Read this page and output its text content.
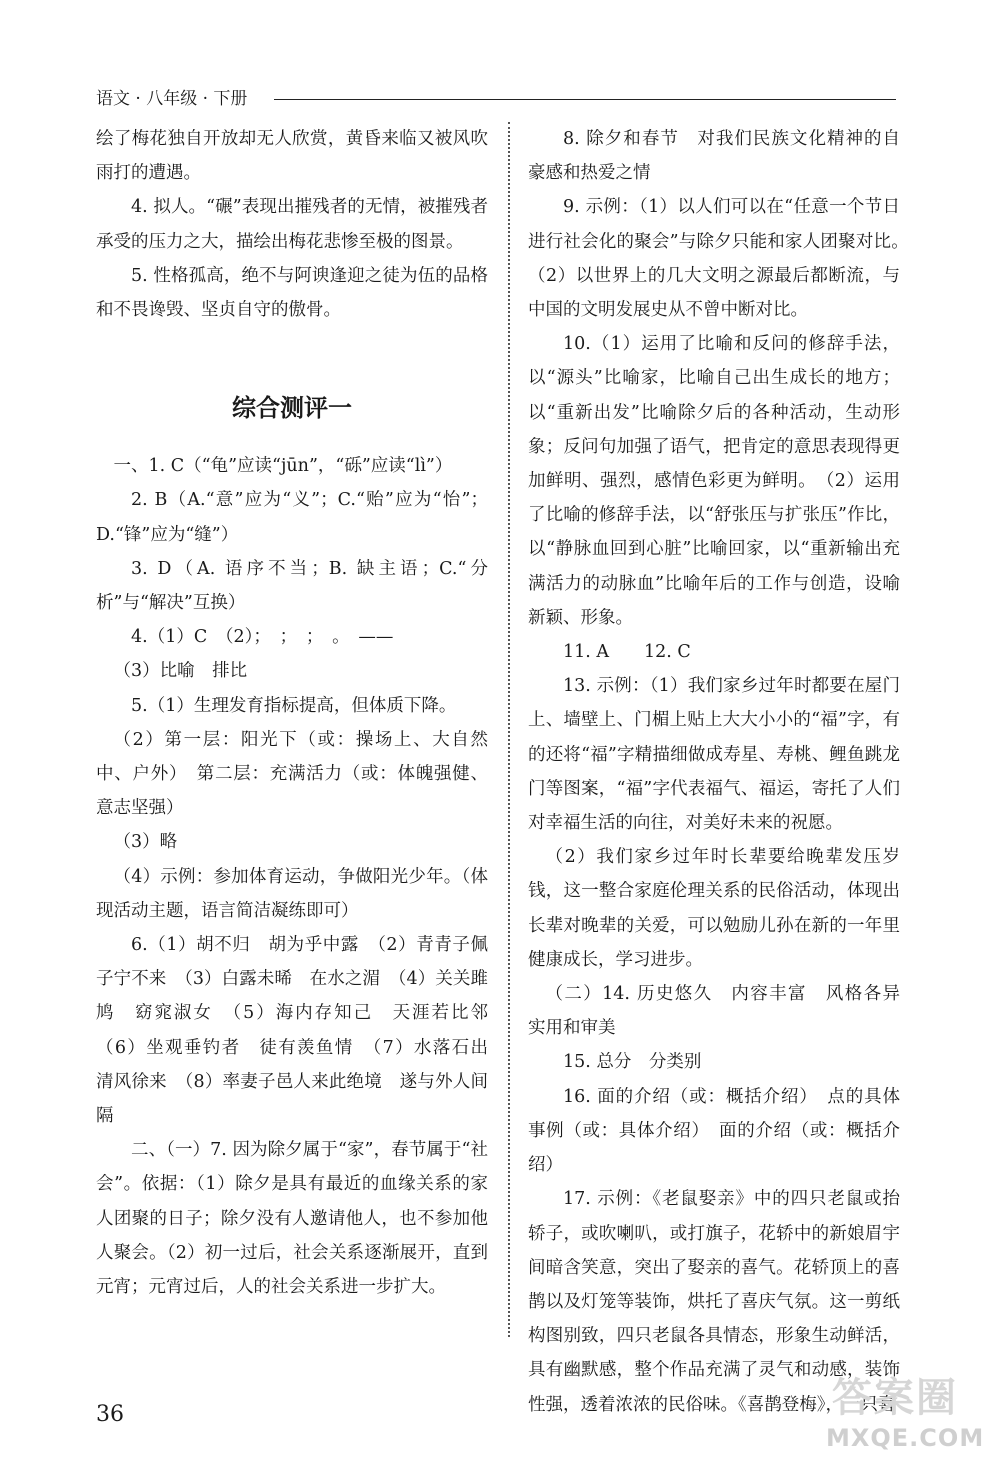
语文 · 八年级 · 下册

绘了梅花独自开放却无人欣赏，黄昏来临又被风吹雨打的遭遇。

4. 拟人。“碾”表现出摧残者的无情，被摧残者承受的压力之大，描绘出梅花悲惨至极的图景。

5. 性格孤高，绝不与阿谀逢迎之徒为伍的品格和不畏谗毁、坚贞自守的傲骨。

综合测评一

一、1. C（“龟”应读“jūn”，“砾”应读“lì”）

2. B（A.“意”应为“义”；C.“贻”应为“怡”；D.“锋”应为“缝”）

3. D（A. 语序不当；B. 缺主语；C.“分析”与“解决”互换）

4.（1）C　（2）；　；　；　。　——

（3）比喻　排比

5.（1）生理发育指标提高，但体质下降。

（2）第一层：阳光下（或：操场上、大自然中、户外）　第二层：充满活力（或：体魄强健、意志坚强）

（3）略

（4）示例：参加体育运动，争做阳光少年。（体现活动主题，语言简洁凝练即可）

6.（1）胡不归　胡为乎中露　（2）青青子佩　子宁不来　（3）白露未晞　在水之湄　（4）关关雎鸠　窈窕淑女　（5）海内存知己　天涯若比邻　（6）坐观垂钓者　徒有羡鱼情　（7）水落石出　清风徐来　（8）率妻子邑人来此绝境　遂与外人间隔

二、（一）7. 因为除夕属于“家”，春节属于“社会”。依据：（1）除夕是具有最近的血缘关系的家人团聚的日子；除夕没有人邀请他人，也不参加他人聚会。（2）初一过后，社会关系逐渐展开，直到元宵；元宵过后，人的社会关系进一步扩大。

8. 除夕和春节　对我们民族文化精神的自豪感和热爱之情

9. 示例：（1）以人们可以在“任意一个节日进行社会化的聚会”与除夕只能和家人团聚对比。　（2）以世界上的几大文明之源最后都断流，与中国的文明发展史从不曾中断对比。

10.（1）运用了比喻和反问的修辞手法，以“源头”比喻家，比喻自己出生成长的地方；以“重新出发”比喻除夕后的各种活动，生动形象；反问句加强了语气，把肯定的意思表现得更加鲜明、强烈，感情色彩更为鲜明。　（2）运用了比喻的修辞手法，以“舒张压与扩张压”作比，以“静脉血回到心脏”比喻回家，以“重新输出充满活力的动脉血”比喻年后的工作与创造，设喻新颖、形象。

11. A　　12. C

13. 示例：（1）我们家乡过年时都要在屋门上、墙壁上、门楣上贴上大大小小的“福”字，有的还将“福”字精描细做成寿星、寿桃、鲤鱼跳龙门等图案，“福”字代表福气、福运，寄托了人们对幸福生活的向往，对美好未来的祝愿。

（2）我们家乡过年时长辈要给晚辈发压岁钱，这一整合家庭伦理关系的民俗活动，体现出长辈对晚辈的关爱，可以勉励儿孙在新的一年里健康成长，学习进步。

（二）14. 历史悠久　内容丰富　风格各异　实用和审美

15. 总分　分类别

16. 面的介绍（或：概括介绍）　点的具体事例（或：具体介绍）　面的介绍（或：概括介绍）

17. 示例：《老鼠娶亲》中的四只老鼠或抬轿子，或吹喇叭，或打旗子，花轿中的新娘眉宇间暗含笑意，突出了娶亲的喜气。花轿顶上的喜鹊以及灯笼等装饰，烘托了喜庆气氛。这一剪纸构图别致，四只老鼠各具情态，形象生动鲜活，具有幽默感，整个作品充满了灵气和动感，装饰性强，透着浓浓的民俗味。《喜鹊登梅》，一只喜

36	答案圈
MXQE.COM
